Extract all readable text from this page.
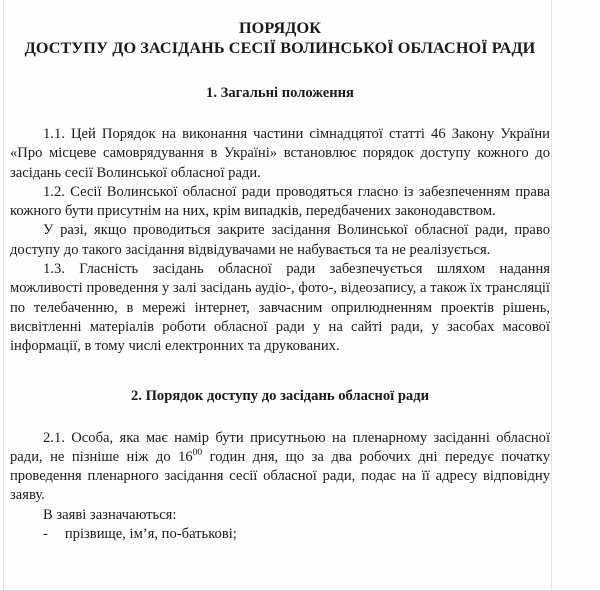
ПОРЯДОК
ДОСТУПУ ДО ЗАСІДАНЬ СЕСІЇ ВОЛИНСЬКОЇ ОБЛАСНОЇ РАДИ
1. Загальні положення

1.1. Цей Порядок на виконання частини сімнадцятої статті 46 Закону України «Про місцеве самоврядування в Україні» встановлює порядок доступу кожного до засідань сесії Волинської обласної ради.

1.2. Сесії Волинської обласної ради проводяться гласно із забезпеченням права кожного бути присутнім на них, крім випадків, передбачених законодавством.

У разі, якщо проводиться закрите засідання Волинської обласної ради, право доступу до такого засідання відвідувачами не набувається та не реалізується.

1.3. Гласність засідань обласної ради забезпечується шляхом надання можливості проведення у залі засідань аудіо-, фото-, відеозапису, а також їх трансляції по телебаченню, в мережі інтернет, завчасним оприлюдненням проектів рішень, висвітленні матеріалів роботи обласної ради у на сайті ради, у засобах масової інформації, в тому числі електронних та друкованих.

2. Порядок доступу до засідань обласної ради

2.1. Особа, яка має намір бути присутньою на пленарному засіданні обласної ради, не пізніше ніж до $16^{00}$ годин дня, що за два робочих дні передує початку проведення пленарного засідання сесії обласної ради, подає на її адресу відповідну заяву.

В заяві зазначаються:

- прізвище, ім’я, по-батькові;
